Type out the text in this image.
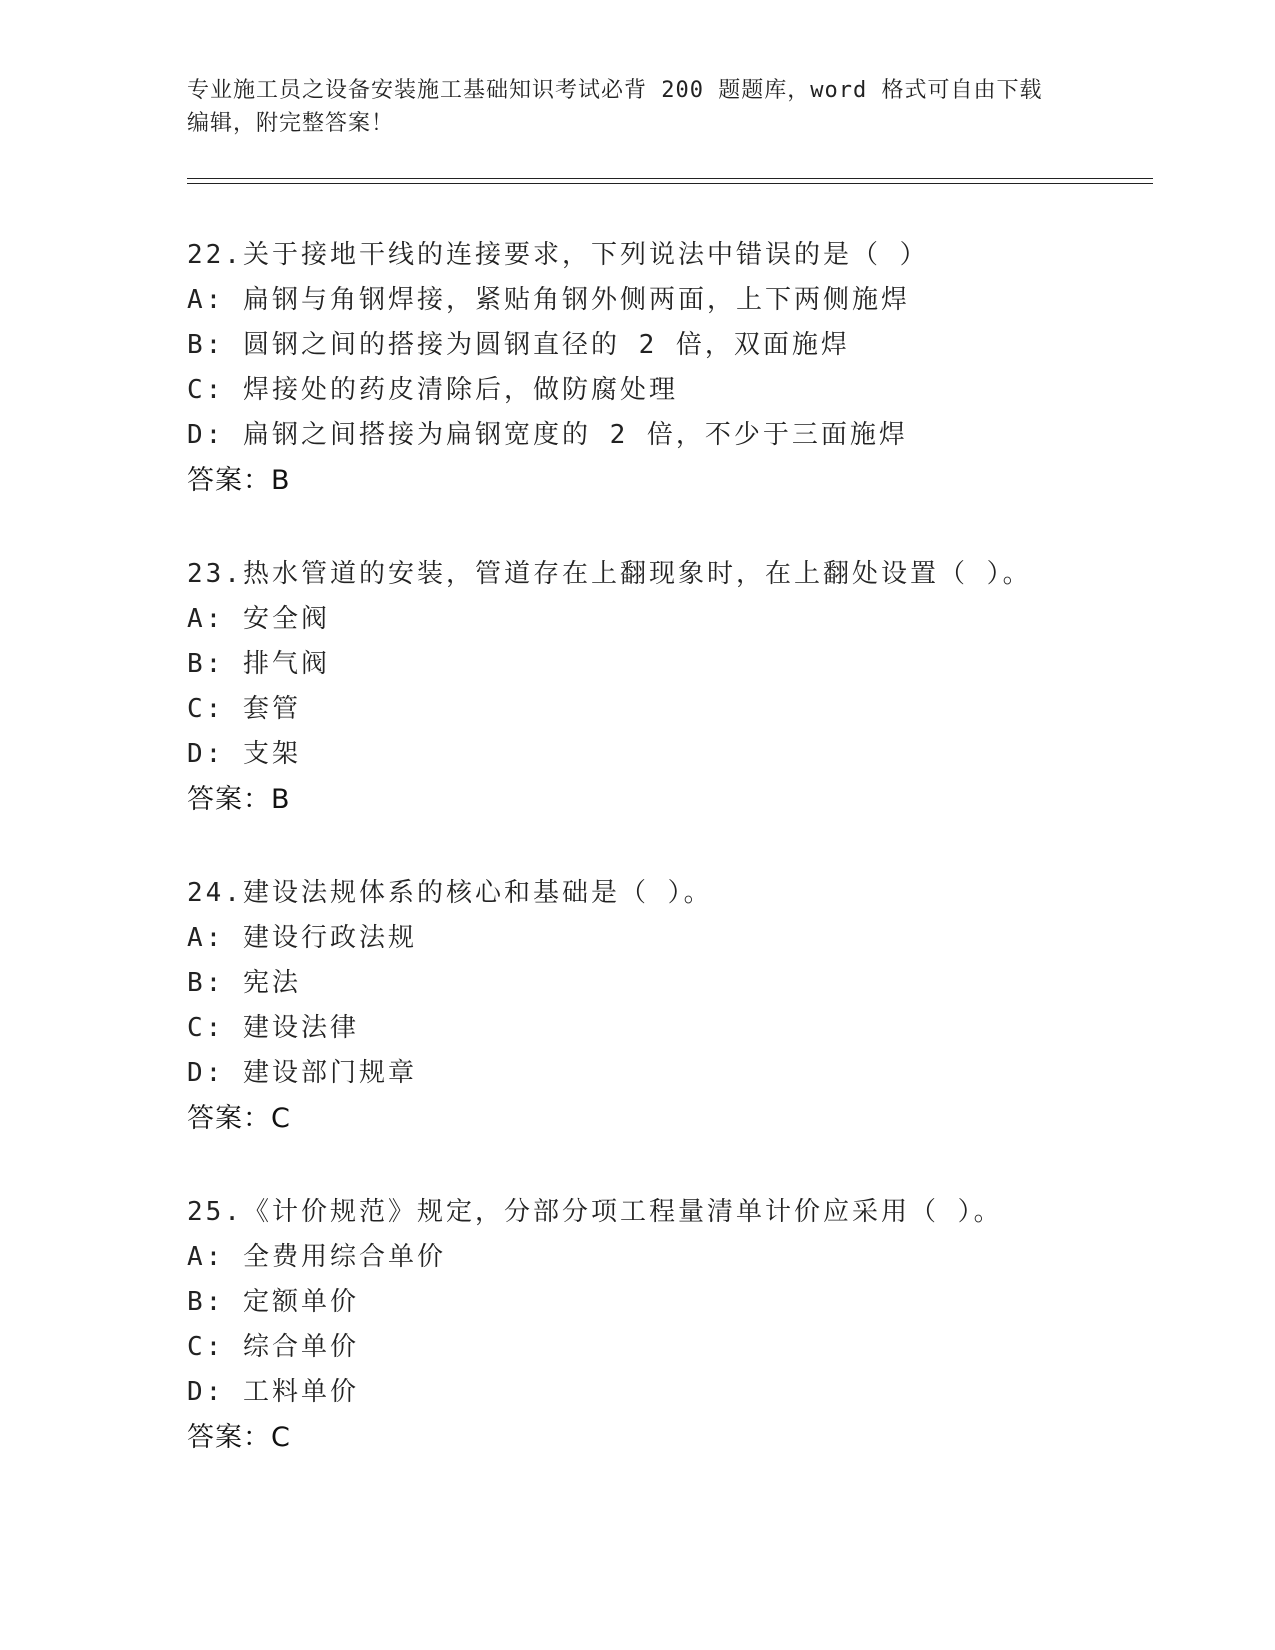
专业施工员之设备安装施工基础知识考试必背 200 题题库，word 格式可自由下载
编辑，附完整答案！
22.关于接地干线的连接要求，下列说法中错误的是（ ）
A: 扁钢与角钢焊接，紧贴角钢外侧两面，上下两侧施焊
B: 圆钢之间的搭接为圆钢直径的 2 倍，双面施焊
C: 焊接处的药皮清除后，做防腐处理
D: 扁钢之间搭接为扁钢宽度的 2 倍，不少于三面施焊
答案：B
23.热水管道的安装，管道存在上翻现象时，在上翻处设置（ ）。
A: 安全阀
B: 排气阀
C: 套管
D: 支架
答案：B
24.建设法规体系的核心和基础是（ ）。
A: 建设行政法规
B: 宪法
C: 建设法律
D: 建设部门规章
答案：C
25.《计价规范》规定，分部分项工程量清单计价应采用（ ）。
A: 全费用综合单价
B: 定额单价
C: 综合单价
D: 工料单价
答案：C
